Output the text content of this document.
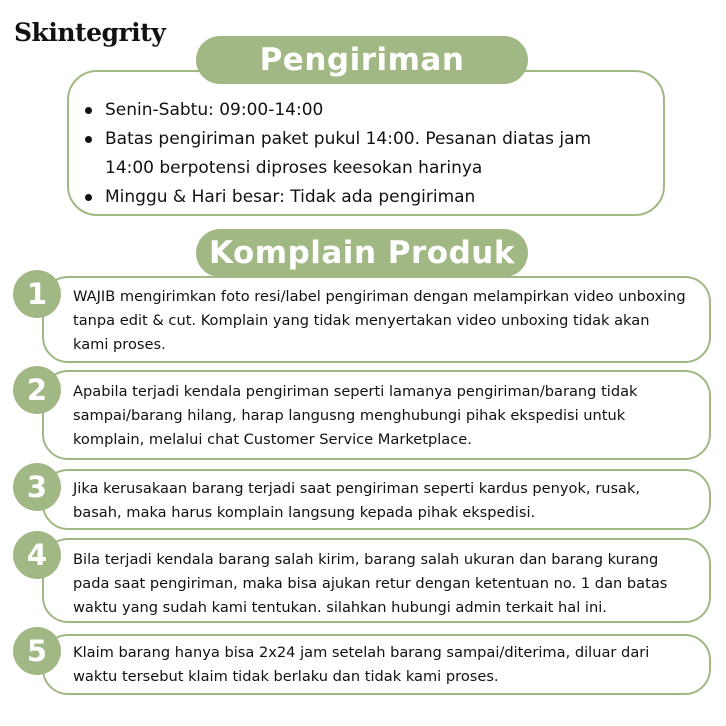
Skintegrity
Pengiriman
Senin-Sabtu: 09:00-14:00
Batas pengiriman paket pukul 14:00. Pesanan diatas jam 14:00 berpotensi diproses keesokan harinya
Minggu & Hari besar: Tidak ada pengiriman
Komplain Produk
WAJIB mengirimkan foto resi/label pengiriman dengan melampirkan video unboxing tanpa edit & cut. Komplain yang tidak menyertakan video unboxing tidak akan kami proses.
1
Apabila terjadi kendala pengiriman seperti lamanya pengiriman/barang tidak sampai/barang hilang, harap langusng menghubungi pihak ekspedisi untuk komplain, melalui chat Customer Service Marketplace.
2
Jika kerusakaan barang terjadi saat pengiriman seperti kardus penyok, rusak, basah, maka harus komplain langsung kepada pihak ekspedisi.
3
Bila terjadi kendala barang salah kirim, barang salah ukuran dan barang kurang pada saat pengiriman, maka bisa ajukan retur dengan ketentuan no. 1 dan batas waktu yang sudah kami tentukan. silahkan hubungi admin terkait hal ini.
4
Klaim barang hanya bisa 2x24 jam setelah barang sampai/diterima, diluar dari waktu tersebut klaim tidak berlaku dan tidak kami proses.
5
